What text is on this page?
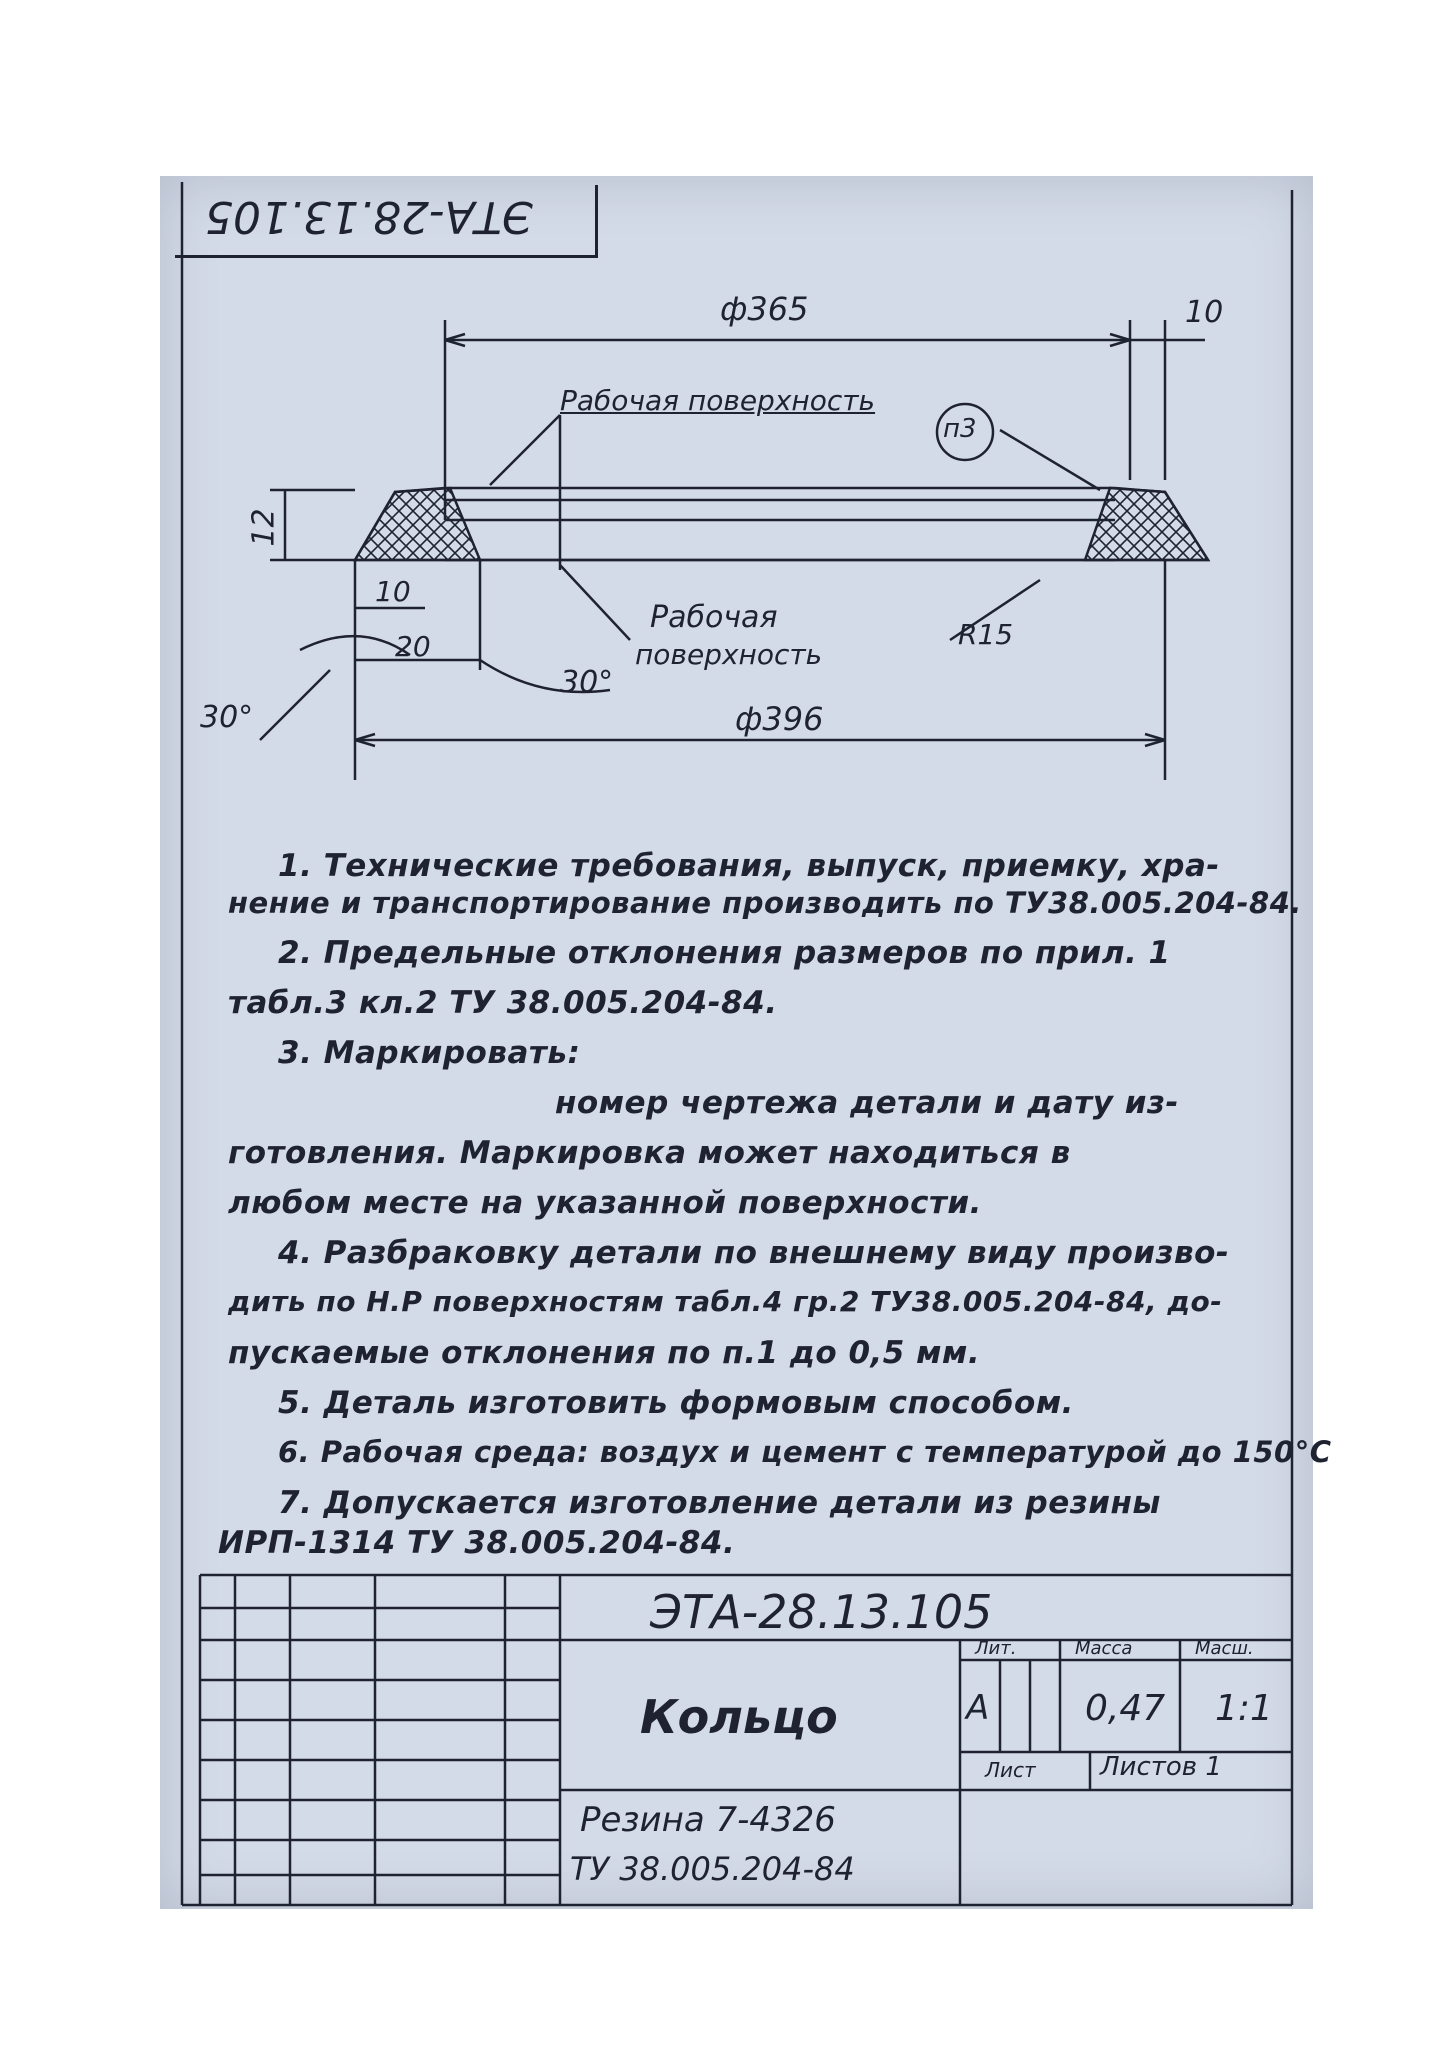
ЭТА-28.13.105
ф365	10
Рабочая поверхность
п3
12
10
20
30°
30°
Рабочая
поверхность
R15
ф396
1. Технические требования, выпуск, приемку, хра-
нение и транспортирование производить по ТУ38.005.204-84.
2. Предельные отклонения размеров по прил. 1
табл.3 кл.2 ТУ 38.005.204-84.
3. Маркировать:
номер чертежа детали и дату из-
готовления. Маркировка может находиться в
любом месте на указанной поверхности.
4. Разбраковку детали по внешнему виду произво-
дить по Н.Р поверхностям табл.4 гр.2 ТУ38.005.204-84, до-
пускаемые отклонения по п.1 до 0,5 мм.
5. Деталь изготовить формовым способом.
6. Рабочая среда: воздух и цемент с температурой до 150°С
7. Допускается изготовление детали из резины
ИРП-1314 ТУ 38.005.204-84.
ЭТА-28.13.105
Кольцо
Резина 7-4326
ТУ 38.005.204-84
Лит.	Масса	Масш.
А	0,47 1:1
Лист Листов 1
